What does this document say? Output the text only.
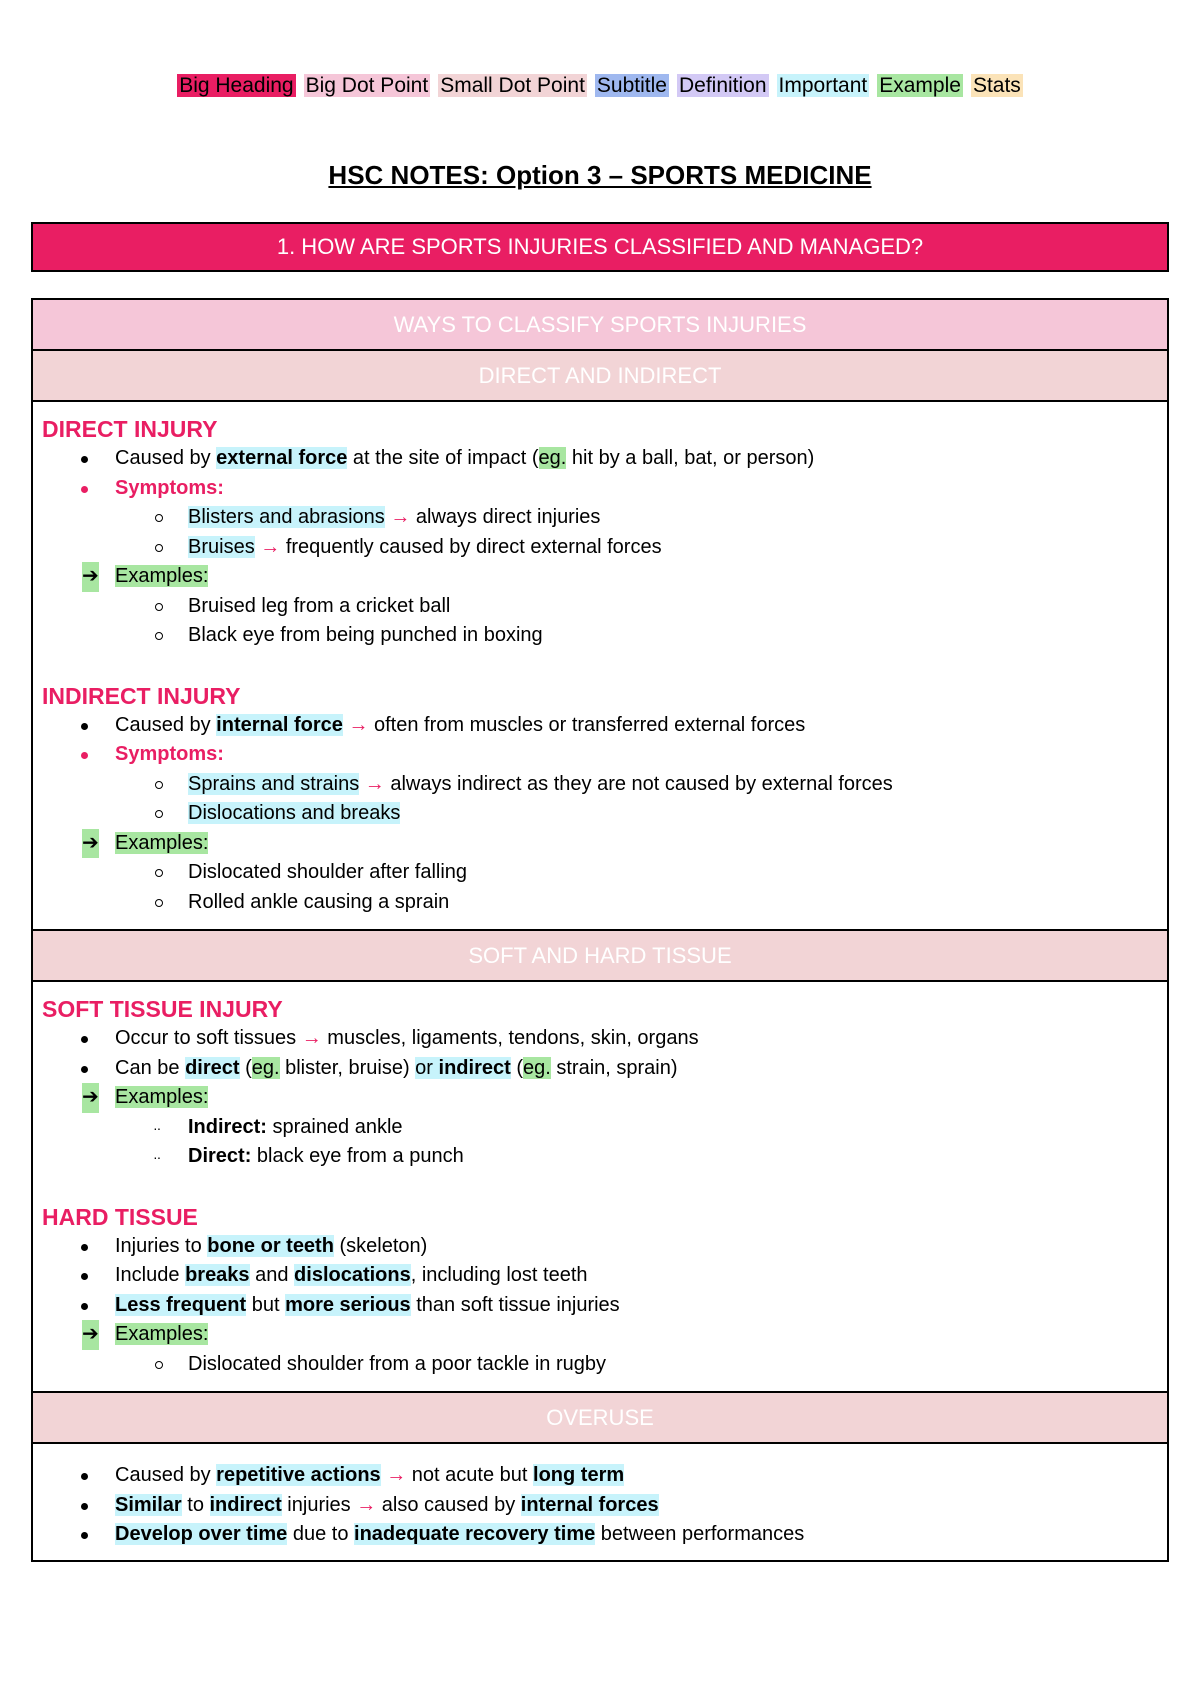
Big Heading Big Dot Point Small Dot Point Subtitle Definition Important Example Stats
HSC NOTES: Option 3 – SPORTS MEDICINE
1. HOW ARE SPORTS INJURIES CLASSIFIED AND MANAGED?
WAYS TO CLASSIFY SPORTS INJURIES
DIRECT AND INDIRECT
DIRECT INJURY
Caused by external force at the site of impact (eg. hit by a ball, bat, or person)
Symptoms:
Blisters and abrasions → always direct injuries
Bruises → frequently caused by direct external forces
➔ Examples:
Bruised leg from a cricket ball
Black eye from being punched in boxing
INDIRECT INJURY
Caused by internal force → often from muscles or transferred external forces
Symptoms:
Sprains and strains → always indirect as they are not caused by external forces
Dislocations and breaks
➔ Examples:
Dislocated shoulder after falling
Rolled ankle causing a sprain
SOFT AND HARD TISSUE
SOFT TISSUE INJURY
Occur to soft tissues → muscles, ligaments, tendons, skin, organs
Can be direct (eg. blister, bruise) or indirect (eg. strain, sprain)
➔ Examples:
·· Indirect: sprained ankle
·· Direct: black eye from a punch
HARD TISSUE
Injuries to bone or teeth (skeleton)
Include breaks and dislocations, including lost teeth
Less frequent but more serious than soft tissue injuries
➔ Examples:
Dislocated shoulder from a poor tackle in rugby
OVERUSE
Caused by repetitive actions → not acute but long term
Similar to indirect injuries → also caused by internal forces
Develop over time due to inadequate recovery time between performances
